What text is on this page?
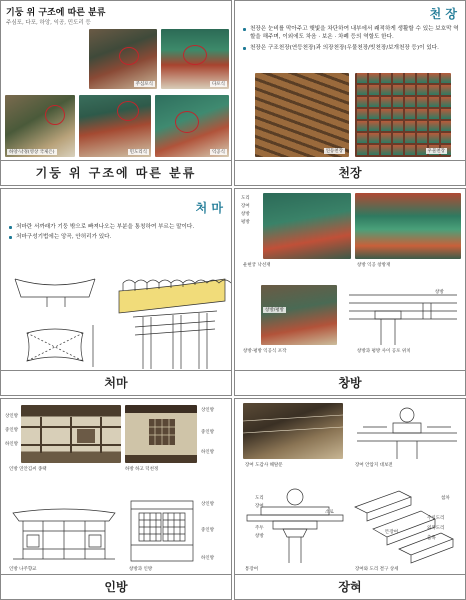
기둥 위 구조에 따른 분류
주심포, 다포, 하앙, 익공, 민도리 등
주심포식	다포식
하앙·낙경(영상 국제은)	민도리식	익공식
기둥 위 구조에 따른 분류
천 장
천장은 눈비를 막아주고 햇빛을 차단하여 내부에서 쾌적하게 생활할 수 있는 보호막 역할을 해주며, 이외에도 차음 · 보온 · 차폐 등의 역할도 한다.
천장은 구조천장(연등천장)과 의장천장(우물천장/빗천장/보개천장 등)이 있다.
연등천장	우물천장
천장
처 마
처마란 서까래가 기둥 밖으로 빠져나오는 부분을 통칭하여 부르는 말이다.
처마구성기법에는 앙곡, 안허리가 있다.
처마
도리
장여
창방
평방
운현궁 낙선재	창방 익공 창방재
창방/평방
창방
창방·평방 익공식 포작	창방과 평방 사이 공포 위치
창방
상인방
중인방
하인방
상인방
중인방
하인방
인방 연안김씨 종택	하방 하고 덕천정
상인방
중인방
하인방
인방 나주향교	창방과 인방
인방
장여 도갑사 해탈문	장여 안압지 대보전
도리
장여
소로
주두
창방
첨차
뜬장여
주심도리
외목도리
출목
통장여	장여와 도리 결구 상세
장혀
